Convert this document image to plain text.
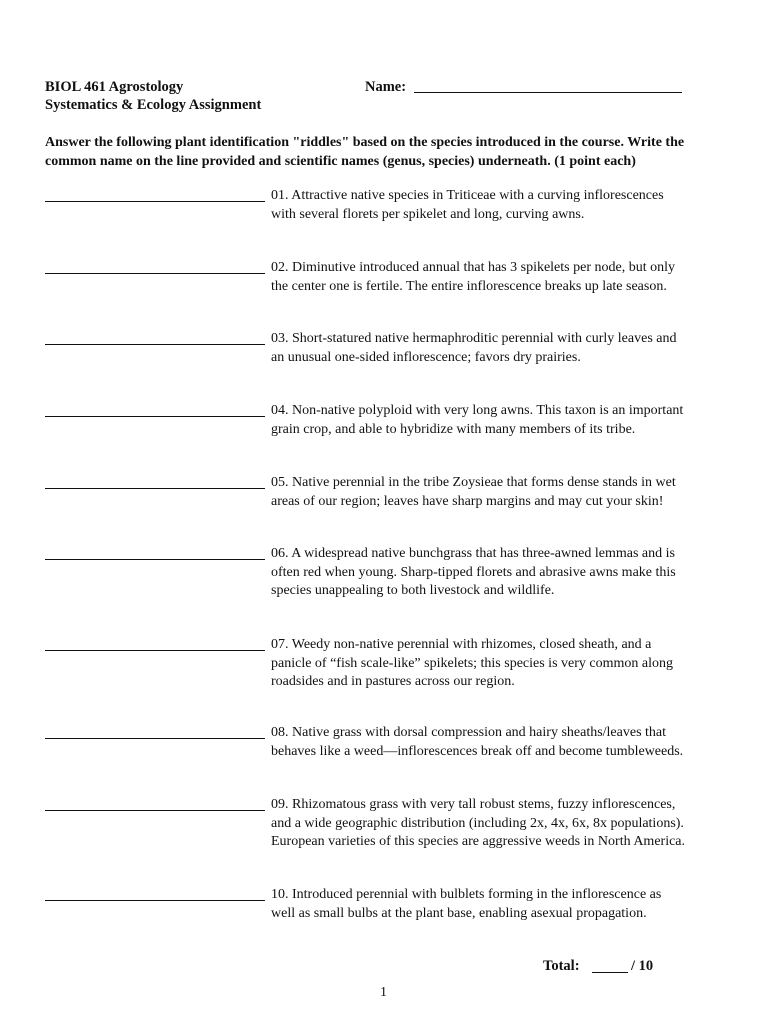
BIOL 461 Agrostology
Systematics & Ecology Assignment
Name:
Answer the following plant identification "riddles" based on the species introduced in the course. Write the common name on the line provided and scientific names (genus, species) underneath. (1 point each)
01. Attractive native species in Triticeae with a curving inflorescences
with several florets per spikelet and long, curving awns.
02. Diminutive introduced annual that has 3 spikelets per node, but only
the center one is fertile. The entire inflorescence breaks up late season.
03. Short-statured native hermaphroditic perennial with curly leaves and
an unusual one-sided inflorescence; favors dry prairies.
04. Non-native polyploid with very long awns. This taxon is an important
grain crop, and able to hybridize with many members of its tribe.
05. Native perennial in the tribe Zoysieae that forms dense stands in wet
areas of our region; leaves have sharp margins and may cut your skin!
06. A widespread native bunchgrass that has three-awned lemmas and is
often red when young. Sharp-tipped florets and abrasive awns make this
species unappealing to both livestock and wildlife.
07. Weedy non-native perennial with rhizomes, closed sheath, and a
panicle of “fish scale-like” spikelets; this species is very common along
roadsides and in pastures across our region.
08. Native grass with dorsal compression and hairy sheaths/leaves that
behaves like a weed—inflorescences break off and become tumbleweeds.
09. Rhizomatous grass with very tall robust stems, fuzzy inflorescences,
and a wide geographic distribution (including 2x, 4x, 6x, 8x populations).
European varieties of this species are aggressive weeds in North America.
10. Introduced perennial with bulblets forming in the inflorescence as
well as small bulbs at the plant base, enabling asexual propagation.
Total:	/ 10
1
